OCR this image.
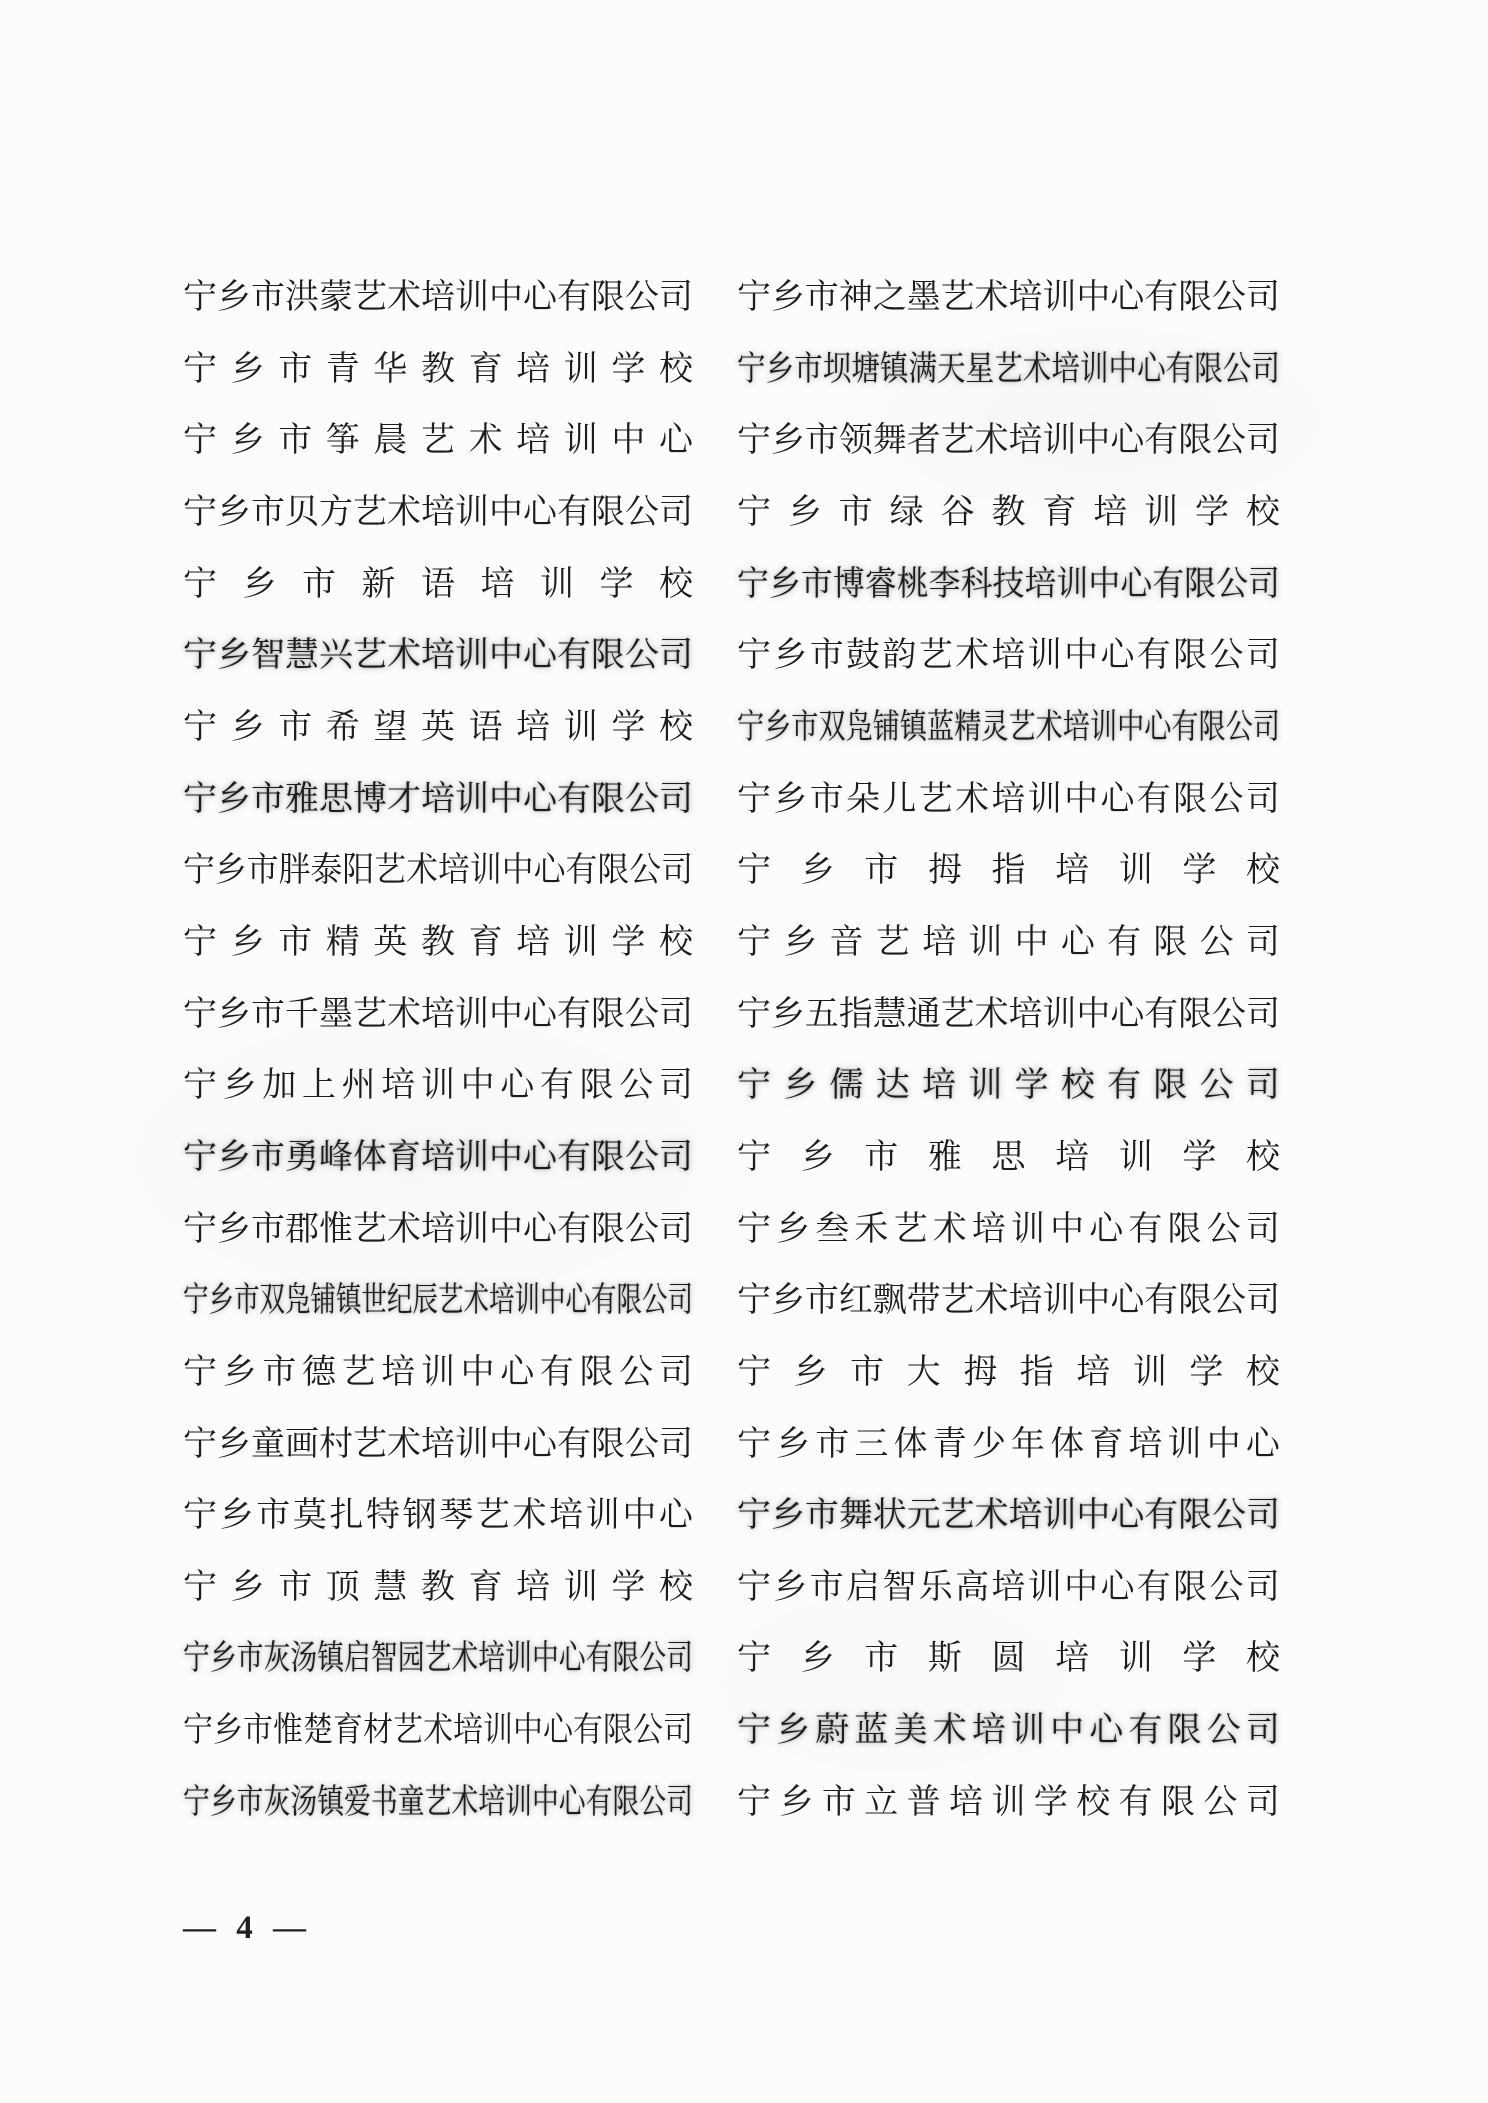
宁 乡 市 洪 蒙 艺 术 培 训 中 心 有 限 公 司
宁 乡 市 青 华 教 育 培 训 学 校
宁 乡 市 筝 晨 艺 术 培 训 中 心
宁 乡 市 贝 方 艺 术 培 训 中 心 有 限 公 司
宁 乡 市 新 语 培 训 学 校
宁 乡 智 慧 兴 艺 术 培 训 中 心 有 限 公 司
宁 乡 市 希 望 英 语 培 训 学 校
宁 乡 市 雅 思 博 才 培 训 中 心 有 限 公 司
宁 乡 市 胖 泰 阳 艺 术 培 训 中 心 有 限 公 司
宁 乡 市 精 英 教 育 培 训 学 校
宁 乡 市 千 墨 艺 术 培 训 中 心 有 限 公 司
宁 乡 加 上 州 培 训 中 心 有 限 公 司
宁 乡 市 勇 峰 体 育 培 训 中 心 有 限 公 司
宁 乡 市 郡 惟 艺 术 培 训 中 心 有 限 公 司
宁 乡 市 双 凫 铺 镇 世 纪 辰 艺 术 培 训 中 心 有 限 公 司
宁 乡 市 德 艺 培 训 中 心 有 限 公 司
宁 乡 童 画 村 艺 术 培 训 中 心 有 限 公 司
宁 乡 市 莫 扎 特 钢 琴 艺 术 培 训 中 心
宁 乡 市 顶 慧 教 育 培 训 学 校
宁 乡 市 灰 汤 镇 启 智 园 艺 术 培 训 中 心 有 限 公 司
宁 乡 市 惟 楚 育 材 艺 术 培 训 中 心 有 限 公 司
宁 乡 市 灰 汤 镇 爱 书 童 艺 术 培 训 中 心 有 限 公 司
宁 乡 市 神 之 墨 艺 术 培 训 中 心 有 限 公 司
宁 乡 市 坝 塘 镇 满 天 星 艺 术 培 训 中 心 有 限 公 司
宁 乡 市 领 舞 者 艺 术 培 训 中 心 有 限 公 司
宁 乡 市 绿 谷 教 育 培 训 学 校
宁 乡 市 博 睿 桃 李 科 技 培 训 中 心 有 限 公 司
宁 乡 市 鼓 韵 艺 术 培 训 中 心 有 限 公 司
宁 乡 市 双 凫 铺 镇 蓝 精 灵 艺 术 培 训 中 心 有 限 公 司
宁 乡 市 朵 儿 艺 术 培 训 中 心 有 限 公 司
宁 乡 市 拇 指 培 训 学 校
宁 乡 音 艺 培 训 中 心 有 限 公 司
宁 乡 五 指 慧 通 艺 术 培 训 中 心 有 限 公 司
宁 乡 儒 达 培 训 学 校 有 限 公 司
宁 乡 市 雅 思 培 训 学 校
宁 乡 叁 禾 艺 术 培 训 中 心 有 限 公 司
宁 乡 市 红 飘 带 艺 术 培 训 中 心 有 限 公 司
宁 乡 市 大 拇 指 培 训 学 校
宁 乡 市 三 体 青 少 年 体 育 培 训 中 心
宁 乡 市 舞 状 元 艺 术 培 训 中 心 有 限 公 司
宁 乡 市 启 智 乐 高 培 训 中 心 有 限 公 司
宁 乡 市 斯 圆 培 训 学 校
宁 乡 蔚 蓝 美 术 培 训 中 心 有 限 公 司
宁 乡 市 立 普 培 训 学 校 有 限 公 司
— 4 —
